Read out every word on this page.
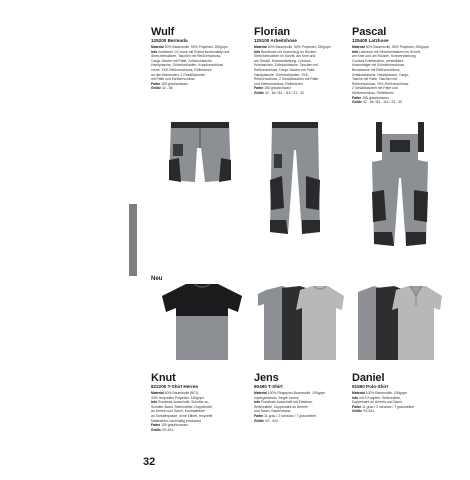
Wulf
125200 Bermuda

Material 50% Baumwolle, 50% Polyester, 250g/qm

Info erweiterte 1/2-Hose mit Rolled fonctionality und

Stretcheinsätzen, Taschen mit Reißverschluss,

Cargo-Tasche mit Patte, Zollstocktasche,

Handytasche, Gürtelschlaufen, Knopfverschluss

vorne, YKK-Reißverschluss, Reflektoren

an den Beinenden, 2 Gesäßtaschen

mit Patte und Klettverschluss

Farbe 156 grau/schwarz

Größe 42 - 66

Florian
125100 Arbeitshose

Material 50% Baumwolle, 50% Polyester, 250g/qm

Info Bundhose mit Gummizug im Rücken,

Stretcheinsätzen im Schritt, am Knie und

am Gesäß, Knieverstärkung, Cordura-

Knietaschen, Zollstocktasche, Taschen mit

Reißverschluss, Cargo-Tasche mit Patte,

Handytasche, Gürtelschlaufen, YKK-

Reißverschluss, 2 Gesäßtaschen mit Patte

und Klettverschluss, Reflektoren

Farbe 156 grau/schwarz

Größe 42 - 66 / 84 - 114 / 23 - 30

Pascal
125400 Latzhose

Material 50% Baumwolle, 50% Polyester, 250g/qm

Info Latzhose mit Stretcheinsätzen im Schritt,

am Knie und am Rücken, Knieverstärkung,

Cordura-Knietaschen, verstellbare

Hosenträger mit Schnellverschluss,

Brusttasche mit Reißverschluss,

Zollstocktasche, Handytasche, Cargo-

Tasche mit Patte, Taschen mit

Reißverschluss, YKK-Reißverschluss,

2 Gesäßtaschen mit Patte und

Klettverschluss, Reflektoren

Farbe 156 grau/schwarz

Größe 42 - 66 / 84 - 114 / 23 - 30

Neu
Knut
822200 T-Shirt Herren

Material 60% Baumwolle (BCI),

40% recyceltes Polyester, 160g/qm

Info Rundhals-Ausschnitt, Schulter-zu-

Schulter-Band, Seitennähte, Doppelnaht

an Ärmeln und Saum, Kontrastfarbe

an Schulterpasse, ohne Etikett, recycelte

Materialien, nachhaltig produziert

Farbe 155 grau/schwarz

Größe XS-6XL

Jens
90490 T-Shirt

Material 100% Ringspinn-Baumwolle, 190g/qm

supergekämmt, Single Jersey

Info Rundhals-Ausschnitt mit Elasthan,

Seitennähte, Doppelnaht an Ärmeln

und Saum, Nackenband

Farbe 11 grau / 2 schwarz / 7 graumeliert

Größe XS - 6XL

Daniel
91590 Polo-Shirt

Material 100% Baumwolle, 190g/qm

Info mit 3 Knöpfen, Seitennähte,

Doppelnaht an Ärmeln und Saum

Farbe 11 grau / 2 schwarz / 7 graumeliert

Größe XS-6XL

32
